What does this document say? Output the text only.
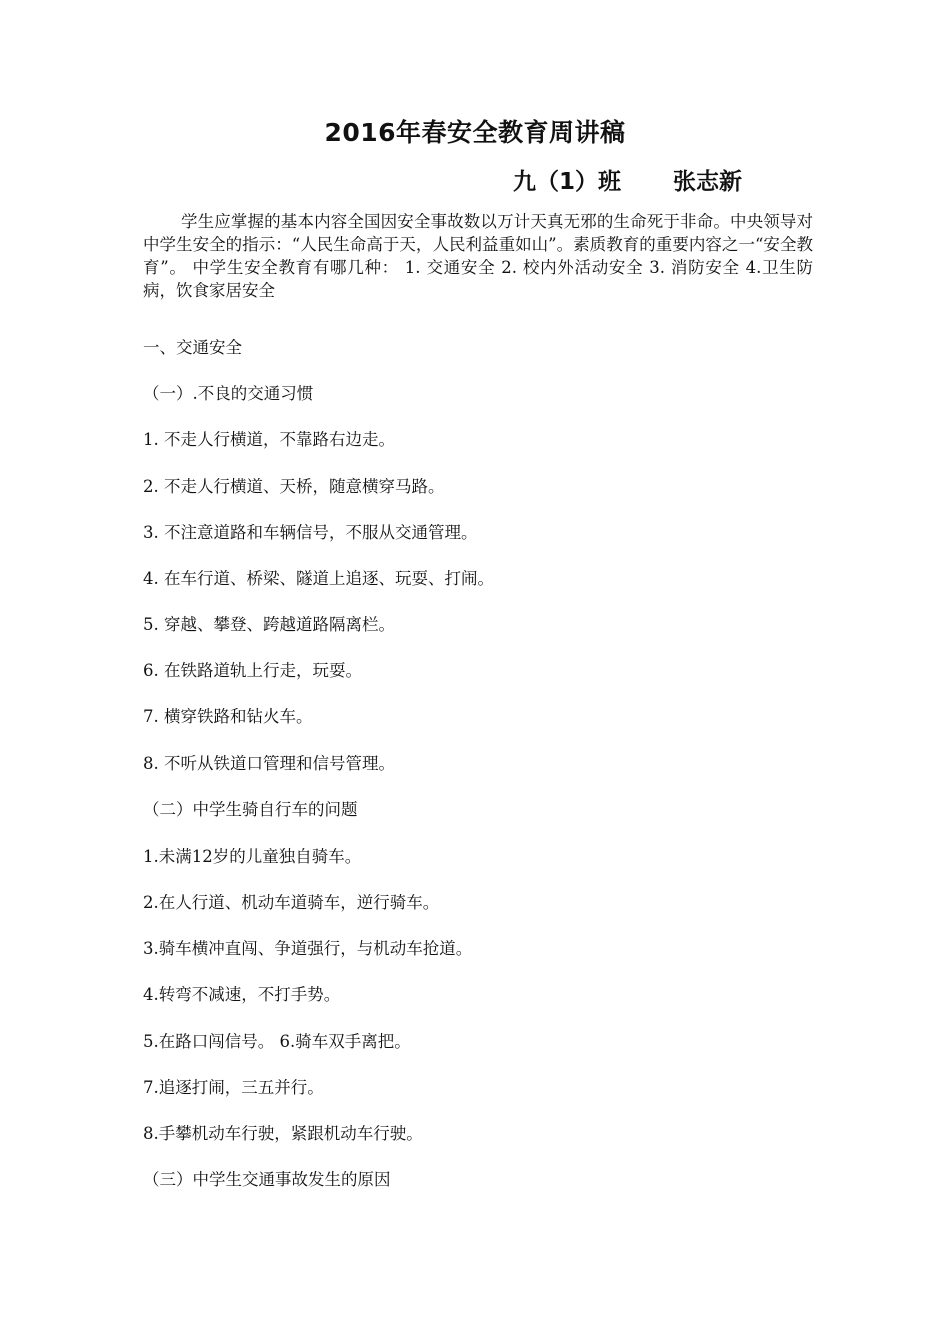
2016年春安全教育周讲稿
九（1）班 张志新

学生应掌握的基本内容全国因安全事故数以万计天真无邪的生命死于非命。中央领导对中学生安全的指示：“人民生命高于天，人民利益重如山”。素质教育的重要内容之一“安全教育”。 中学生安全教育有哪几种： 1. 交通安全 2. 校内外活动安全 3. 消防安全 4.卫生防病，饮食家居安全

一、交通安全

（一）.不良的交通习惯

1. 不走人行横道，不靠路右边走。

2. 不走人行横道、天桥，随意横穿马路。

3. 不注意道路和车辆信号，不服从交通管理。

4. 在车行道、桥梁、隧道上追逐、玩耍、打闹。

5. 穿越、攀登、跨越道路隔离栏。

6. 在铁路道轨上行走，玩耍。

7. 横穿铁路和钻火车。

8. 不听从铁道口管理和信号管理。

（二）中学生骑自行车的问题

1.未满12岁的儿童独自骑车。

2.在人行道、机动车道骑车，逆行骑车。

3.骑车横冲直闯、争道强行，与机动车抢道。

4.转弯不减速，不打手势。

5.在路口闯信号。 6.骑车双手离把。

7.追逐打闹，三五并行。

8.手攀机动车行驶，紧跟机动车行驶。

（三）中学生交通事故发生的原因
